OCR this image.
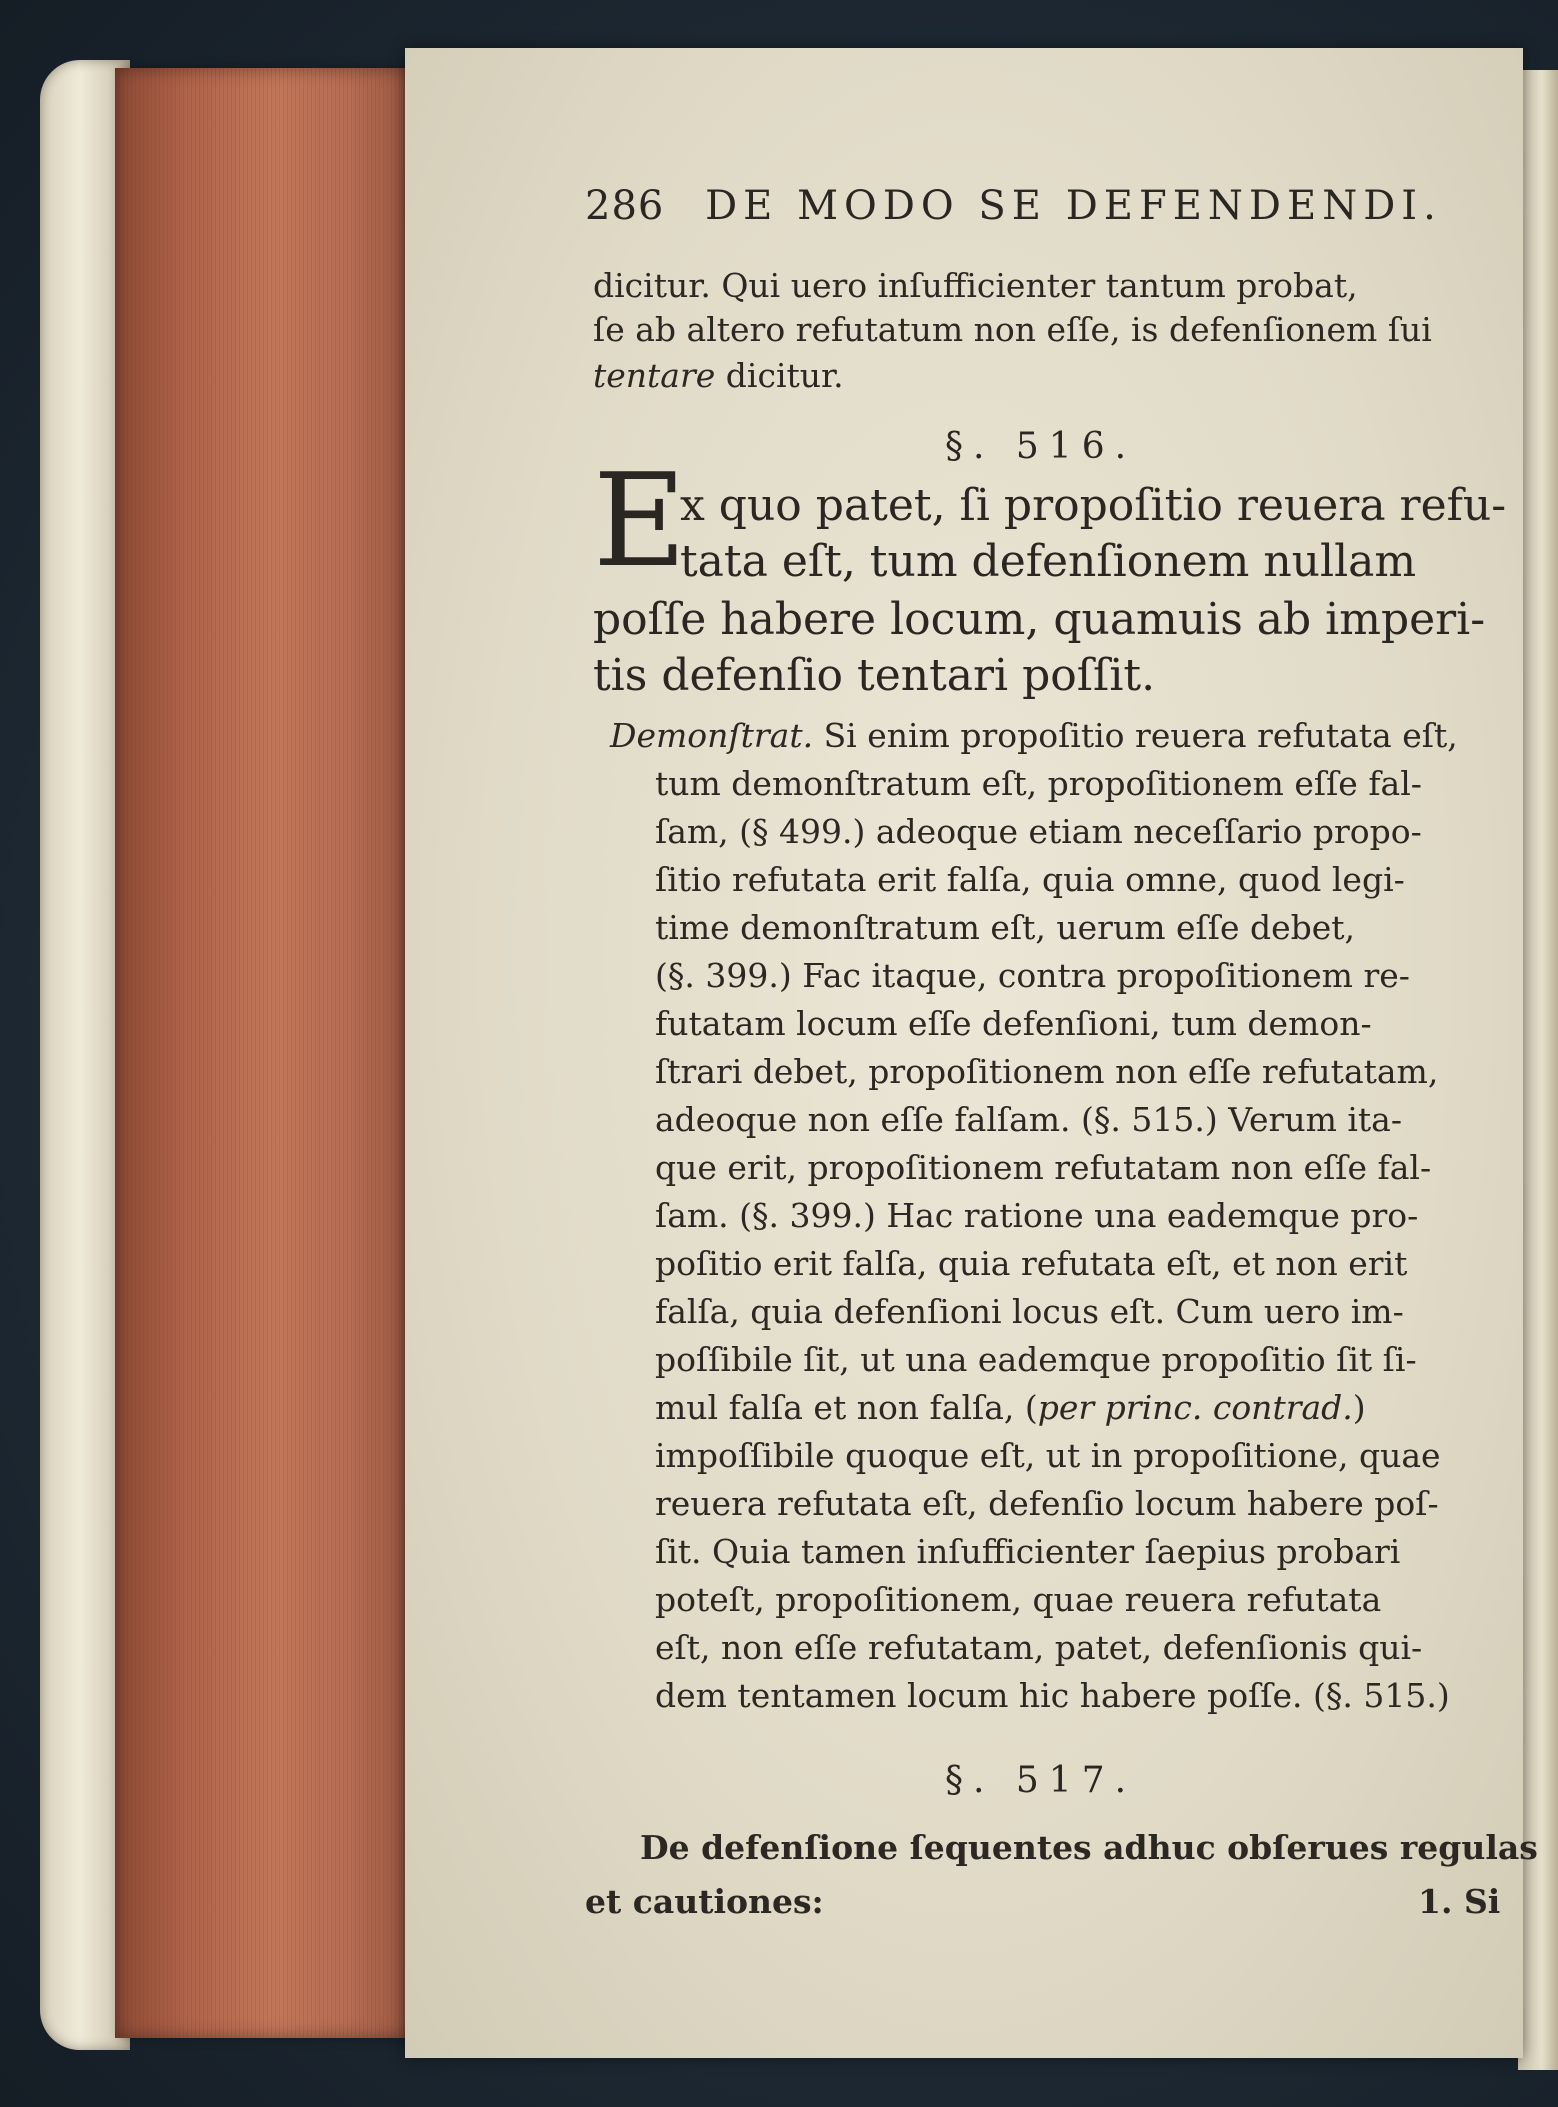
286 DE MODO SE DEFENDENDI.
dicitur. Qui uero inſufficienter tantum probat,
ſe ab altero refutatum non eſſe, is defenſionem ſui
tentare dicitur.
§. 516.
E
x quo patet, ſi propoſitio reuera refu-
tata eſt, tum defenſionem nullam
poſſe habere locum, quamuis ab imperi-
tis defenſio tentari poſſit.
Demonſtrat. Si enim propoſitio reuera refutata eſt,
tum demonſtratum eſt, propoſitionem eſſe fal-
ſam, (§ 499.) adeoque etiam neceſſario propo-
ſitio refutata erit falſa, quia omne, quod legi-
time demonſtratum eſt, uerum eſſe debet,
(§. 399.) Fac itaque, contra propoſitionem re-
futatam locum eſſe defenſioni, tum demon-
ſtrari debet, propoſitionem non eſſe refutatam,
adeoque non eſſe falſam. (§. 515.) Verum ita-
que erit, propoſitionem refutatam non eſſe fal-
ſam. (§. 399.) Hac ratione una eademque pro-
poſitio erit falſa, quia refutata eſt, et non erit
falſa, quia defenſioni locus eſt. Cum uero im-
poſſibile ſit, ut una eademque propoſitio ſit ſi-
mul falſa et non falſa, (per princ. contrad.)
impoſſibile quoque eſt, ut in propoſitione, quae
reuera refutata eſt, defenſio locum habere poſ-
ſit. Quia tamen inſufficienter ſaepius probari
poteſt, propoſitionem, quae reuera refutata
eſt, non eſſe refutatam, patet, defenſionis qui-
dem tentamen locum hic habere poſſe. (§. 515.)
§. 517.
De defenſione ſequentes adhuc obſerues regulas
et cautiones:	1. Si
